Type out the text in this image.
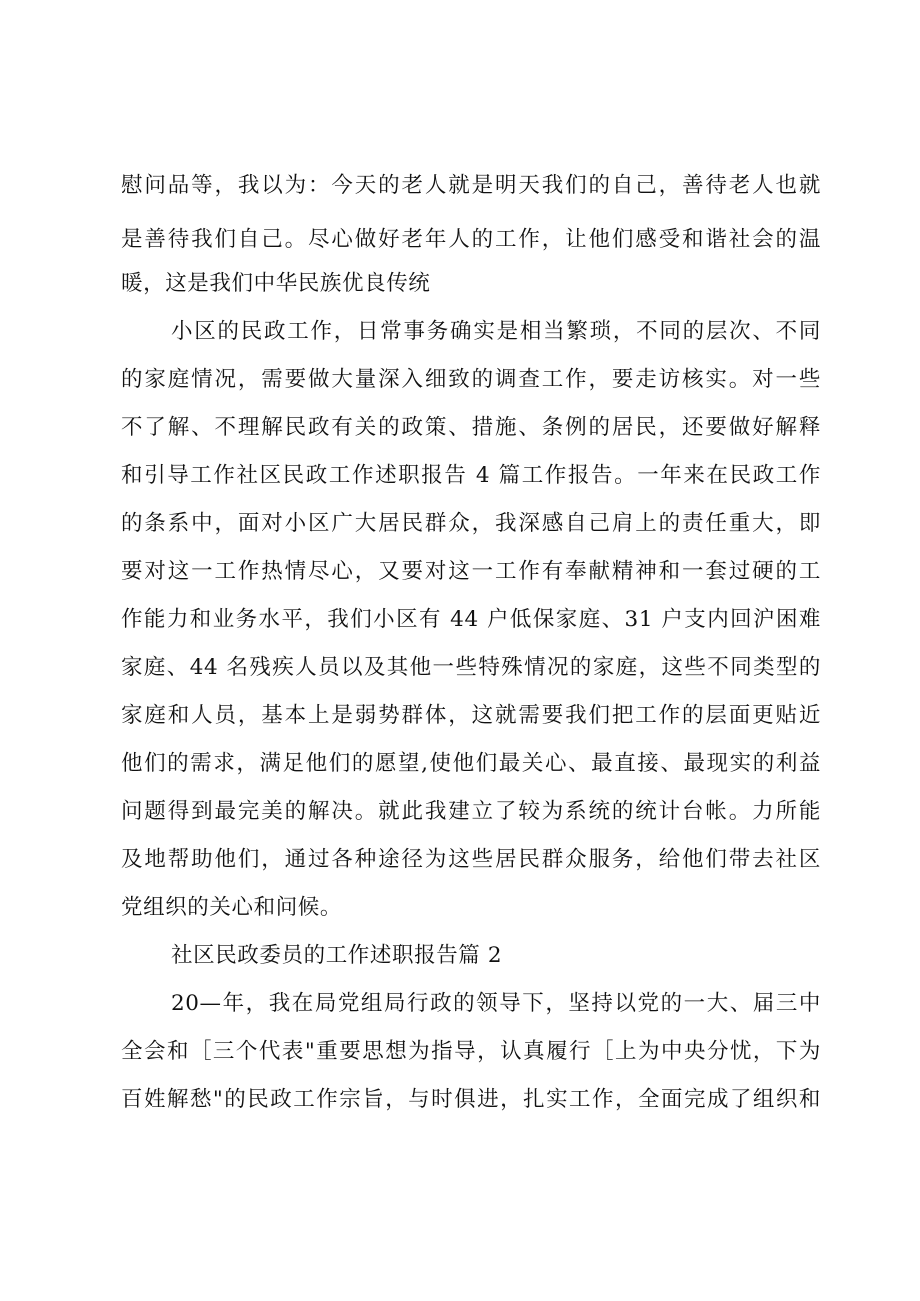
慰问品等，我以为：今天的老人就是明天我们的自己，善待老人也就
是善待我们自己。尽心做好老年人的工作，让他们感受和谐社会的温
暖，这是我们中华民族优良传统
小区的民政工作，日常事务确实是相当繁琐，不同的层次、不同
的家庭情况，需要做大量深入细致的调查工作，要走访核实。对一些
不了解、不理解民政有关的政策、措施、条例的居民，还要做好解释
和引导工作社区民政工作述职报告 4 篇工作报告。一年来在民政工作
的条系中，面对小区广大居民群众，我深感自己肩上的责任重大，即
要对这一工作热情尽心，又要对这一工作有奉献精神和一套过硬的工
作能力和业务水平，我们小区有 44 户低保家庭、31 户支内回沪困难
家庭、44 名残疾人员以及其他一些特殊情况的家庭，这些不同类型的
家庭和人员，基本上是弱势群体，这就需要我们把工作的层面更贴近
他们的需求，满足他们的愿望,使他们最关心、最直接、最现实的利益
问题得到最完美的解决。就此我建立了较为系统的统计台帐。力所能
及地帮助他们，通过各种途径为这些居民群众服务，给他们带去社区
党组织的关心和问候。
社区民政委员的工作述职报告篇 2
20—年，我在局党组局行政的领导下，坚持以党的一大、届三中
全会和［三个代表"重要思想为指导，认真履行［上为中央分忧，下为
百姓解愁"的民政工作宗旨，与时俱进，扎实工作，全面完成了组织和
